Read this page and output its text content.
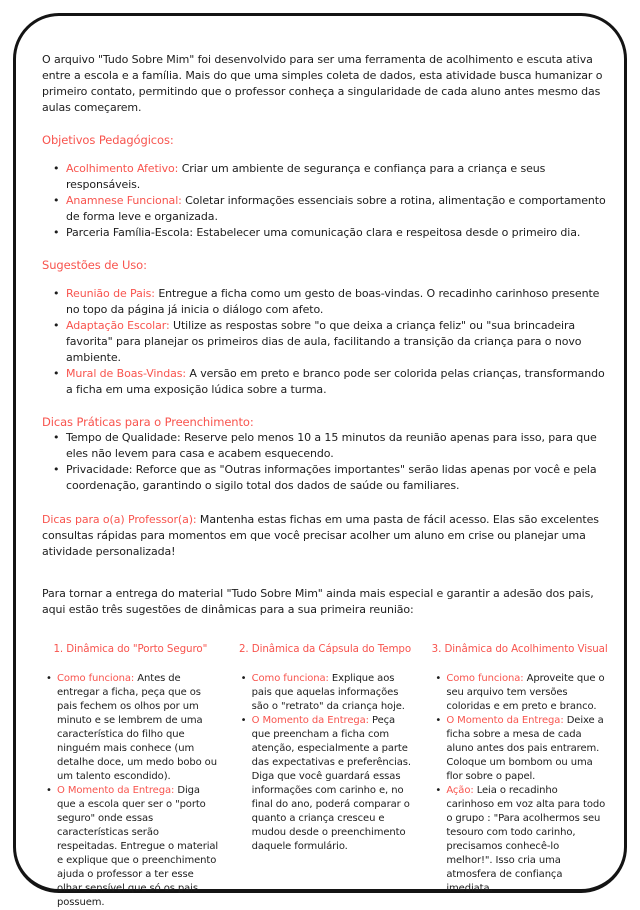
O arquivo "Tudo Sobre Mim" foi desenvolvido para ser uma ferramenta de acolhimento e escuta ativa entre a escola e a família. Mais do que uma simples coleta de dados, esta atividade busca humanizar o primeiro contato, permitindo que o professor conheça a singularidade de cada aluno antes mesmo das aulas começarem.

Objetivos Pedagógicos:
• Acolhimento Afetivo: Criar um ambiente de segurança e confiança para a criança e seus responsáveis.
• Anamnese Funcional: Coletar informações essenciais sobre a rotina, alimentação e comportamento de forma leve e organizada.
• Parceria Família-Escola: Estabelecer uma comunicação clara e respeitosa desde o primeiro dia.
Sugestões de Uso:
• Reunião de Pais: Entregue a ficha como um gesto de boas-vindas. O recadinho carinhoso presente no topo da página já inicia o diálogo com afeto.
• Adaptação Escolar: Utilize as respostas sobre "o que deixa a criança feliz" ou "sua brincadeira favorita" para planejar os primeiros dias de aula, facilitando a transição da criança para o novo ambiente.
• Mural de Boas-Vindas: A versão em preto e branco pode ser colorida pelas crianças, transformando a ficha em uma exposição lúdica sobre a turma.
Dicas Práticas para o Preenchimento:
• Tempo de Qualidade: Reserve pelo menos 10 a 15 minutos da reunião apenas para isso, para que eles não levem para casa e acabem esquecendo.
• Privacidade: Reforce que as "Outras informações importantes" serão lidas apenas por você e pela coordenação, garantindo o sigilo total dos dados de saúde ou familiares.

Dicas para o(a) Professor(a): Mantenha estas fichas em uma pasta de fácil acesso. Elas são excelentes consultas rápidas para momentos em que você precisar acolher um aluno em crise ou planejar uma atividade personalizada!

Para tornar a entrega do material "Tudo Sobre Mim" ainda mais especial e garantir a adesão dos pais, aqui estão três sugestões de dinâmicas para a sua primeira reunião:

1. Dinâmica do "Porto Seguro"
• Como funciona: Antes de entregar a ficha, peça que os pais fechem os olhos por um minuto e se lembrem de uma característica do filho que ninguém mais conhece (um detalhe doce, um medo bobo ou um talento escondido).
• O Momento da Entrega: Diga que a escola quer ser o "porto seguro" onde essas características serão respeitadas. Entregue o material e explique que o preenchimento ajuda o professor a ter esse olhar sensível que só os pais possuem.
2. Dinâmica da Cápsula do Tempo
• Como funciona: Explique aos pais que aquelas informações são o "retrato" da criança hoje.
• O Momento da Entrega: Peça que preencham a ficha com atenção, especialmente a parte das expectativas e preferências. Diga que você guardará essas informações com carinho e, no final do ano, poderá comparar o quanto a criança cresceu e mudou desde o preenchimento daquele formulário.
3. Dinâmica do Acolhimento Visual
• Como funciona: Aproveite que o seu arquivo tem versões coloridas e em preto e branco.
• O Momento da Entrega: Deixe a ficha sobre a mesa de cada aluno antes dos pais entrarem. Coloque um bombom ou uma flor sobre o papel.
• Ação: Leia o recadinho carinhoso em voz alta para todo o grupo : "Para acolhermos seu tesouro com todo carinho, precisamos conhecê-lo melhor!". Isso cria uma atmosfera de confiança imediata.
